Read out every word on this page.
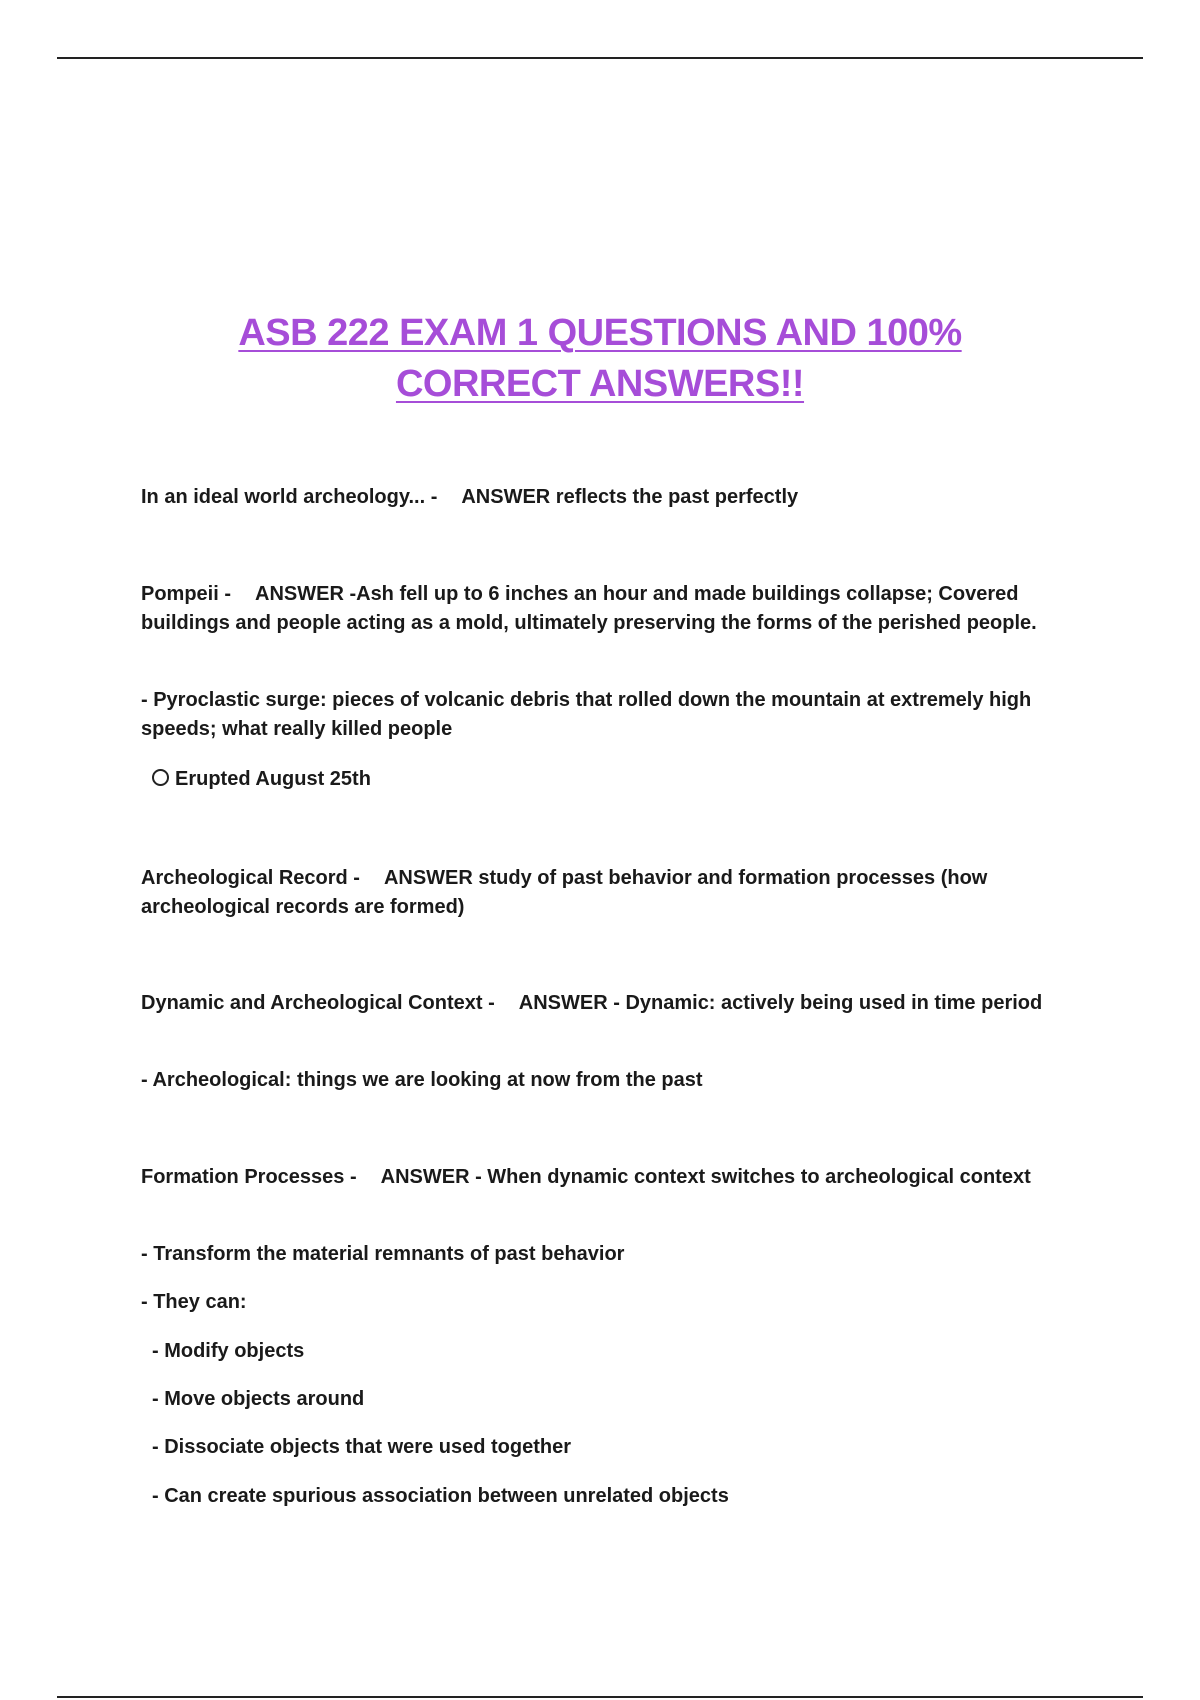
ASB 222 EXAM 1 QUESTIONS AND 100%
CORRECT ANSWERS!!

In an ideal world archeology... - ANSWER reflects the past perfectly

Pompeii - ANSWER -Ash fell up to 6 inches an hour and made buildings collapse; Covered buildings and people acting as a mold, ultimately preserving the forms of the perished people.

- Pyroclastic surge: pieces of volcanic debris that rolled down the mountain at extremely high speeds; what really killed people
Erupted August 25th

Archeological Record - ANSWER study of past behavior and formation processes (how archeological records are formed)

Dynamic and Archeological Context - ANSWER - Dynamic: actively being used in time period

- Archeological: things we are looking at now from the past

Formation Processes - ANSWER - When dynamic context switches to archeological context

- Transform the material remnants of past behavior
- They can:
- Modify objects
- Move objects around
- Dissociate objects that were used together
- Can create spurious association between unrelated objects
